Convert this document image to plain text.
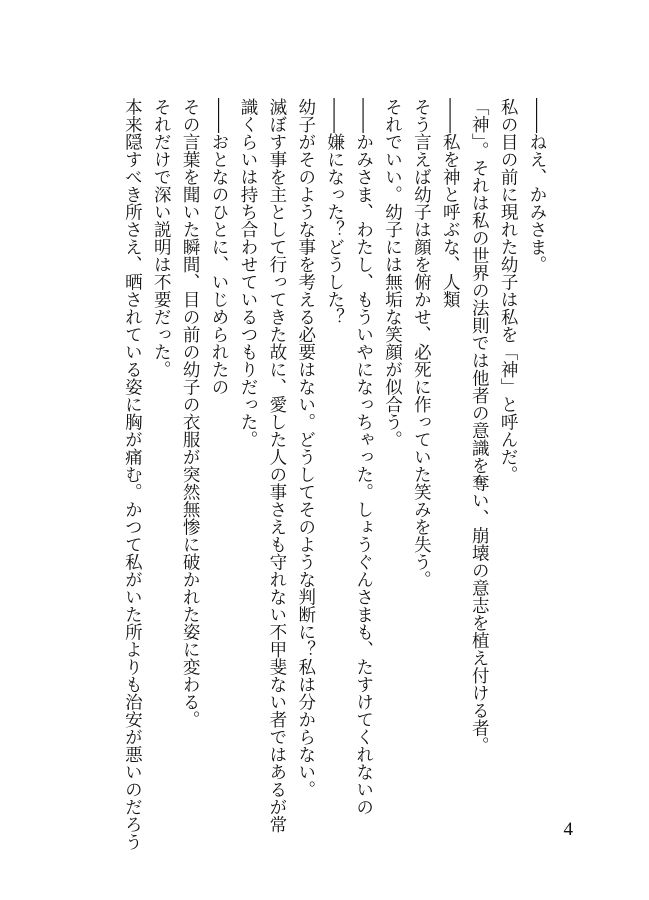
――ねえ、かみさま。
私の目の前に現れた幼子は私を「神」と呼んだ。
「神」。それは私の世界の法則では他者の意識を奪い、崩壊の意志を植え付ける者。
――私を神と呼ぶな、人類
そう言えば幼子は顔を俯かせ、必死に作っていた笑みを失う。
それでいい。幼子には無垢な笑顔が似合う。
――かみさま、わたし、もういやになっちゃった。しょうぐんさまも、たすけてくれないの
――嫌になった？どうした？
幼子がそのような事を考える必要はない。どうしてそのような判断に？私は分からない。
滅ぼす事を主として行ってきた故に、愛した人の事さえも守れない不甲斐ない者ではあるが常
識くらいは持ち合わせているつもりだった。
――おとなのひとに、いじめられたの
その言葉を聞いた瞬間、目の前の幼子の衣服が突然無惨に破かれた姿に変わる。
それだけで深い説明は不要だった。
本来隠すべき所さえ、晒されている姿に胸が痛む。かつて私がいた所よりも治安が悪いのだろう	4
